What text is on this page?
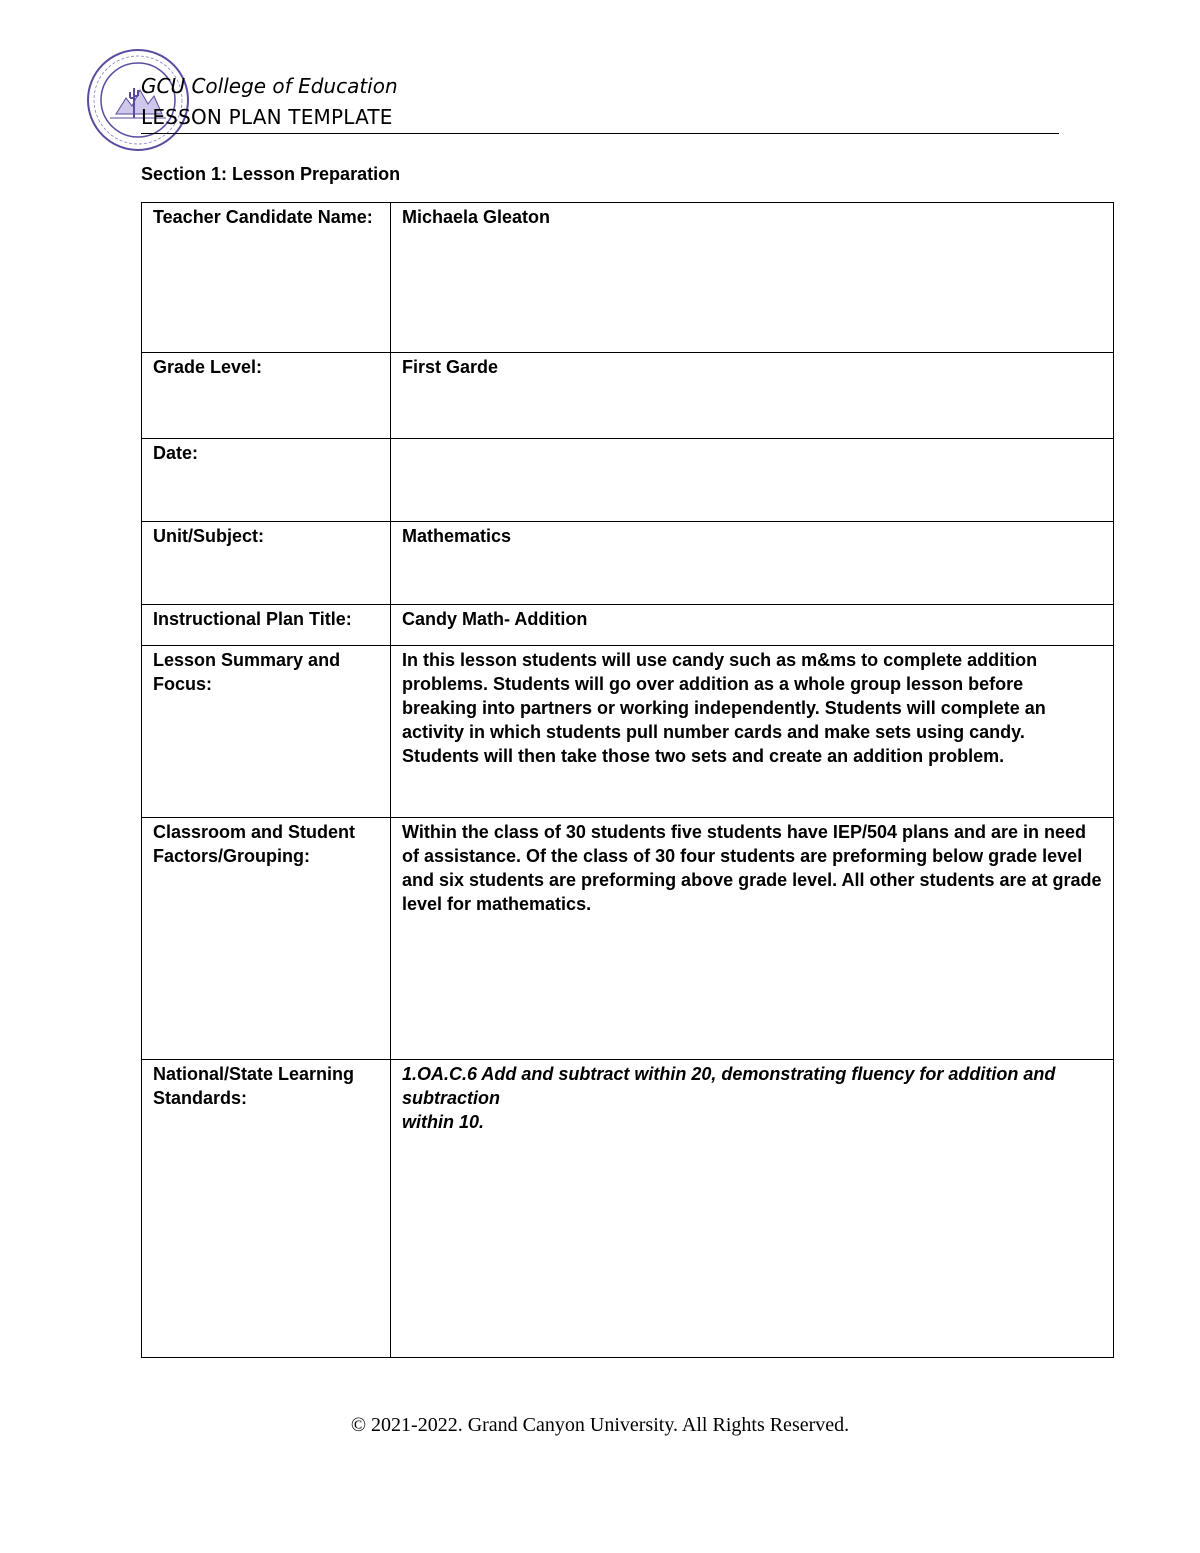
GCU College of Education
LESSON PLAN TEMPLATE
Section 1: Lesson Preparation
Teacher Candidate Name:	Michaela Gleaton
Grade Level:	First Garde
Date:	
Unit/Subject:	Mathematics
Instructional Plan Title:	Candy Math- Addition
Lesson Summary and Focus:	In this lesson students will use candy such as m&ms to complete addition problems. Students will go over addition as a whole group lesson before breaking into partners or working independently. Students will complete an activity in which students pull number cards and make sets using candy. Students will then take those two sets and create an addition problem.
Classroom and Student Factors/Grouping:	Within the class of 30 students five students have IEP/504 plans and are in need of assistance. Of the class of 30 four students are preforming below grade level and six students are preforming above grade level. All other students are at grade level for mathematics.
National/State Learning Standards:	1.OA.C.6 Add and subtract within 20, demonstrating fluency for addition and subtraction
within 10.
© 2021-2022. Grand Canyon University. All Rights Reserved.
